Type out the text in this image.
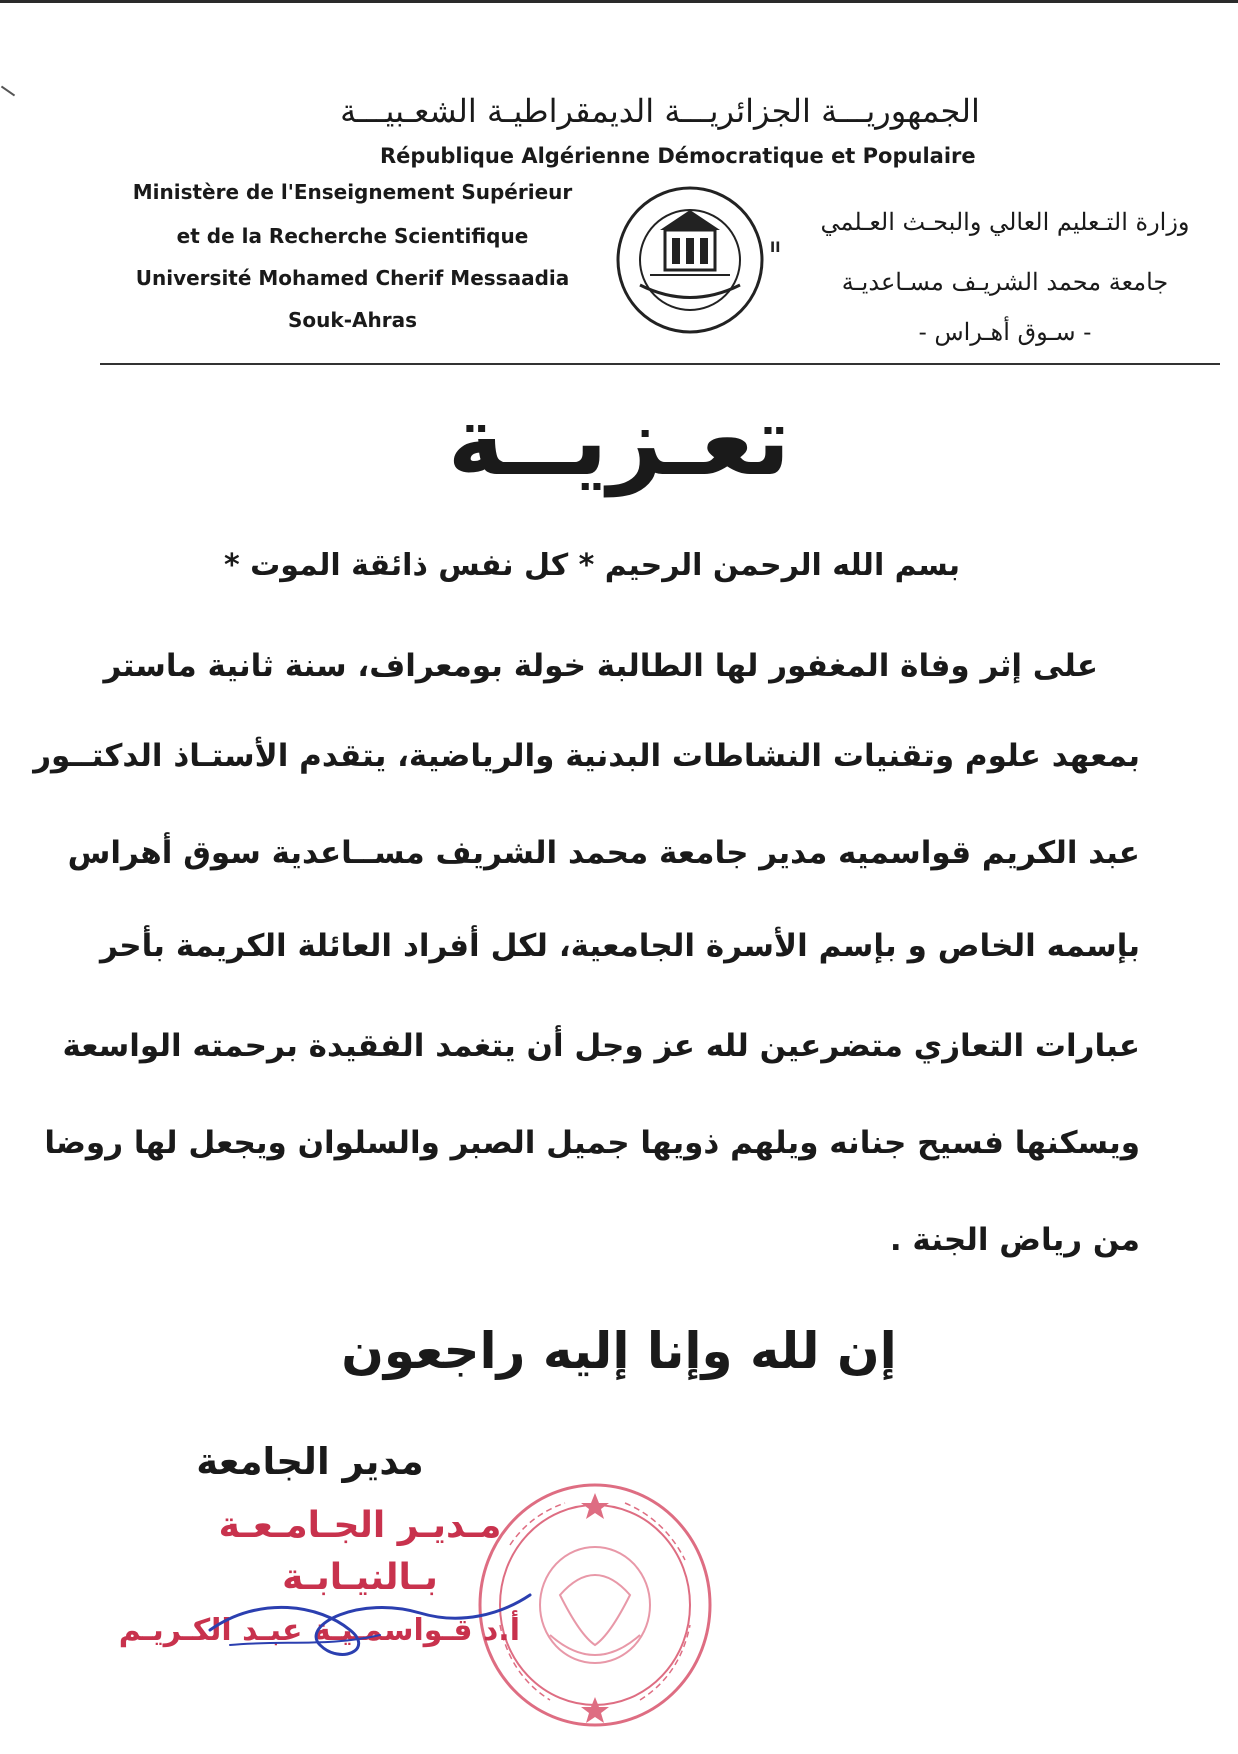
الجمهوريـــة الجزائريـــة الديمقراطيـة الشعـبيـــة
République Algérienne Démocratique et Populaire
Ministère de l'Enseignement Supérieur
et de la Recherche Scientifique
Université Mohamed Cherif Messaadia
Souk-Ahras
II
وزارة التـعليم العالي والبحـث العـلمي
جامعة محمد الشريـف مسـاعديـة
- سـوق أهـراس -
تعـزيــة
بسم الله الرحمن الرحيم * كل نفس ذائقة الموت *
على إثر وفاة المغفور لها الطالبة خولة بومعراف، سنة ثانية ماستر
بمعهد علوم وتقنيات النشاطات البدنية والرياضية، يتقدم الأستـاذ الدكتــور
عبد الكريم قواسميه مدير جامعة محمد الشريف مســاعدية سوق أهراس
بإسمه الخاص و بإسم الأسرة الجامعية، لكل أفراد العائلة الكريمة بأحر
عبارات التعازي متضرعين لله عز وجل أن يتغمد الفقيدة برحمته الواسعة
ويسكنها فسيح جنانه ويلهم ذويها جميل الصبر والسلوان ويجعل لها روضا
من رياض الجنة .
إن لله وإنا إليه راجعون
مدير الجامعة
مـديـر الجـامـعـة
بـالنيـابـة
أ.د قـواسمـيـة عبـد الكـريـم
